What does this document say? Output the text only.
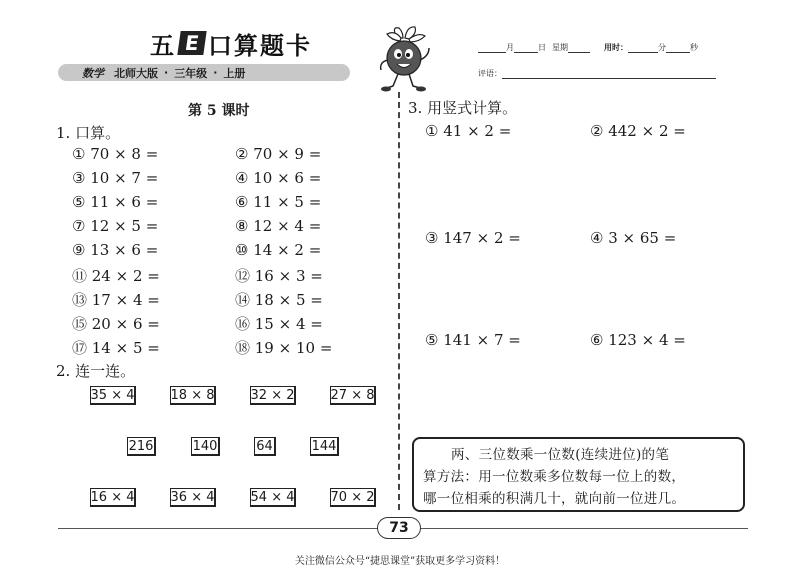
五 E 口算题卡
数学 北师大版 · 三年级 · 上册
月	日 星期	用时：	分	秒
评语：
第 5 课时
1. 口算。
① 70 × 8 =	② 70 × 9 =
③ 10 × 7 =	④ 10 × 6 =
⑤ 11 × 6 =	⑥ 11 × 5 =
⑦ 12 × 5 =	⑧ 12 × 4 =
⑨ 13 × 6 =	⑩ 14 × 2 =
⑪ 24 × 2 =	⑫ 16 × 3 =
⑬ 17 × 4 =	⑭ 18 × 5 =
⑮ 20 × 6 =	⑯ 15 × 4 =
⑰ 14 × 5 =	⑱ 19 × 10 =
2. 连一连。
35 × 4	18 × 8	32 × 2	27 × 8
216	140	64	144
16 × 4	36 × 4	54 × 4	70 × 2
3. 用竖式计算。
① 41 × 2 =	② 442 × 2 =
③ 147 × 2 =	④ 3 × 65 =
⑤ 141 × 7 =	⑥ 123 × 4 =
两、三位数乘一位数(连续进位)的笔
算方法：用一位数乘多位数每一位上的数，
哪一位相乘的积满几十，就向前一位进几。
73
关注微信公众号“捷思课堂”获取更多学习资料！
